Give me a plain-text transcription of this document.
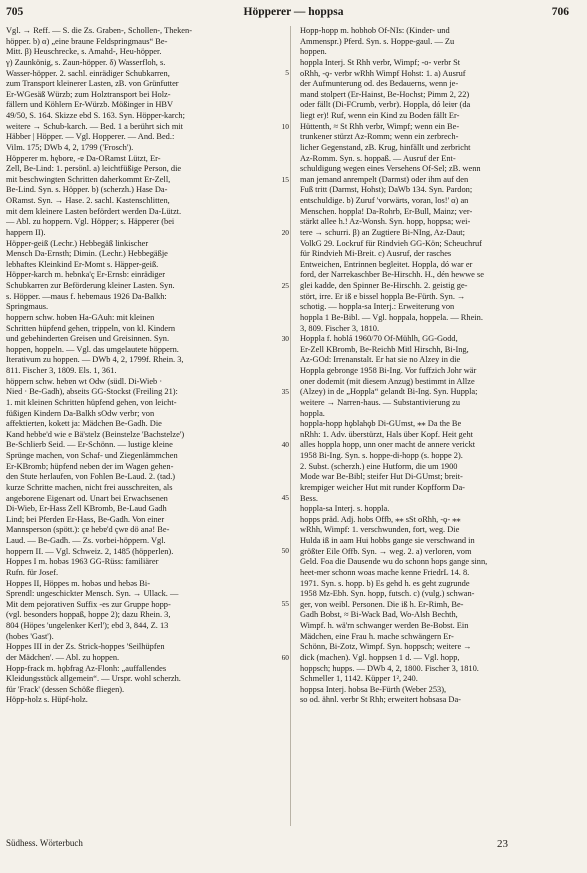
705	Höpperer — hoppsa	706
Vgl. → Reff. — S. die Zs. Graben-, Schollen-, Theken-
höpper. b) α) „eine braune Feldspringmaus“ Be-
Mitt. β) Heuschrecke, s. Amahd-, Heu-höpper.
γ) Zaunkönig, s. Zaun-höpper. δ) Wasserfloh, s.
Wasser-höpper. 2. sachl. einrädiger Schubkarren,
zum Transport kleinerer Lasten, zB. von Grünfutter
Er-WGesäß Würzb; zum Holztransport bei Holz-
fällern und Köhlern Er-Würzb. Mößinger in HBV
49/50, S. 164. Skizze ebd S. 163. Syn. Höpper-karch;
weitere → Schub-karch. — Bed. 1 a berührt sich mit
Häbber | Höpper. — Vgl. Hopperer. — And. Bed.:
Vilm. 175; DWb 4, 2, 1799 ('Frosch').
Höpperer m. hęborɐ, -ɐ Da-ORamst Lützt, Er-
Zell, Be-Lind: 1. persönl. a) leichtfüßige Person, die
mit beschwingten Schritten daherkommt Er-Zell,
Be-Lind. Syn. s. Höpper. b) (scherzh.) Hase Da-
ORamst. Syn. → Hase. 2. sachl. Kastenschlitten,
mit dem kleinere Lasten befördert werden Da-Lützt.
— Abl. zu hoppern. Vgl. Höpper; s. Häpperer (bei
happern II).
Höpper-geiß (Lechr.) Hebbegäß linkischer
Mensch Da-Ernsth; Dimin. (Lechr.) Hebbegäßje
lebhaftes Kleinkind Er-Momt s. Häpper-geiß.
Höpper-karch m. hebnka'ç Er-Ernsb: einrädiger
Schubkarren zur Beförderung kleiner Lasten. Syn.
s. Höpper. —maus f. hebɐmaus 1926 Da-Balkh:
Springmaus.
hoppern schw. hobɐn Ha-GAuh: mit kleinen
Schritten hüpfend gehen, trippeln, von kl. Kindern
und gebehinderten Greisen und Greisinnen. Syn.
hoppen, hoppeln. — Vgl. das umgelautete höppern.
Iterativum zu hoppen. — DWb 4, 2, 1799f. Rhein. 3,
811. Fischer 3, 1809. Els. 1, 361.
höppern schw. hebɐn wt Odw (südl. Di-Wieb ·
Nied · Be-Gadh), abseits GG-Stockst (Freiling 21):
1. mit kleinen Schritten hüpfend gehen, von leicht-
füßigen Kindern Da-Balkh sOdw verbr; von
affektierten, kokett ja: Mädchen Be-Gadh. Die
Kand hebbe'd wie e Bä'stelz (Beinstelze 'Bachstelze')
Be-Schlierb Seid. — Er-Schönn. — lustige kleine
Sprünge machen, von Schaf- und Ziegenlämmchen
Er-KBromb; hüpfend neben der im Wagen gehen-
den Stute herlaufen, von Fohlen Be-Laud. 2. (tad.)
kurze Schritte machen, nicht frei ausschreiten, als
angeborene Eigenart od. Unart bei Erwachsenen
Di-Wieb, Er-Hass Zell KBromb, Be-Laud Gadh
Lind; bei Pferden Er-Hass, Be-Gadh. Von einer
Mannsperson (spött.): çɐ hebɐ'd çwɐ dö anə! Be-
Laud. — Be-Gadh. — Zs. vorbei-höppern. Vgl.
hoppern II. — Vgl. Schweiz. 2, 1485 (höpperlen).
Hoppes I m. hobəs 1963 GG-Rüss: familiärer
Rufn. für Josef.
Hoppes II, Höppes m. hobəs und hebəs Bi-
Sprendl: ungeschickter Mensch. Syn. → Ullack. —
Mit dem pejorativen Suffix -es zur Gruppe hopp-
(vgl. besonders hoppaß, hoppe 2); dazu Rhein. 3,
804 (Höpes 'ungelenker Kerl'); ebd 3, 844, Z. 13
(hobes 'Gast').
Hoppes III in der Zs. Strick-hoppes 'Seilhüpfen
der Mädchen'. — Abl. zu hoppen.
Hopp-frack m. hǫbfrag Az-Flonh: „auffallendes
Kleidungsstück allgemein“. — Urspr. wohl scherzh.
für 'Frack' (dessen Schöße fliegen).
Höpp-holz s. Hüpf-holz.
5
10
15
20
25
30
35
40
45
50
55
60
Hopp-hopp m. hobhob Of-NIs: (Kinder- und
Ammenspr.) Pferd. Syn. s. Hoppe-gaul. — Zu
hoppen.
hoppla Interj. St Rhh verbr, Wimpf; -o- verbr St
oRhh, -ǫ- verbr wRhh Wimpf Hohst: 1. a) Ausruf
der Aufmunterung od. des Bedauerns, wenn je-
mand stolpert (Er-Hainst, Be-Hochst; Pimm 2, 22)
oder fällt (Di-FCrumb, verbr). Hoppla, dó leiɐr (da
liegt er)! Ruf, wenn ein Kind zu Boden fällt Er-
Hüttenth, ≈ St Rhh verbr, Wimpf; wenn ein Be-
trunkener stürzt Az-Romm; wenn ein zerbrech-
licher Gegenstand, zB. Krug, hinfällt und zerbricht
Az-Romm. Syn. s. hoppaß. — Ausruf der Ent-
schuldigung wegen eines Versehens Of-Sel; zB. wenn
man jemand anrempelt (Darmst) oder ihm auf den
Fuß tritt (Darmst, Hohst); DaWb 134. Syn. Pardon;
entschuldige. b) Zuruf 'vorwärts, voran, los!' α) an
Menschen. hoppla! Da-Rohrb, Er-Bull, Mainz; ver-
stärkt allee h.! Az-Wonsh. Syn. hopp, hoppsa; wei-
tere → schurri. β) an Zugtiere Bi-NIng, Az-Daut;
VolkG 29. Lockruf für Rindvieh GG-Kön; Scheuchruf
für Rindvieh Mi-Breit. c) Ausruf, der rasches
Entweichen, Entrinnen begleitet. Hoppla, dó war er
ford, der Narrekaschber Be-Hirschh. H., dén hewwe se
glei kadde, den Spinner Be-Hirschh. 2. geistig ge-
stört, irre. Er iß e bissel hoppla Be-Fürth. Syn. →
schotig. — hoppla-sa Interj.: Erweiterung von
hoppla 1 Be-Bibl. — Vgl. hoppala, hoppela. — Rhein.
3, 809. Fischer 3, 1810.
Hoppla f. hoblá 1960/70 Of-Mühlh, GG-Godd,
Er-Zell KBromb, Be-Reichb Mitl Hirschh, Bi-Ing,
Az-GOd: Irrenanstalt. Er hat sie no Alzey in die
Hoppla gebronge 1958 Bi-Ing. Vor fuffzich Johr wär
oner dodemit (mit diesem Anzug) bestimmt in Allze
(Alzey) in de „Hoppla“ gelandt Bi-Ing. Syn. Huppla;
weitere → Narren-haus. — Substantivierung zu
hoppla.
hoppla-hopp hǫblahǫb Di-GUmst, ⁎⁎ Da the Be
nRhh: 1. Adv. überstürzt, Hals über Kopf. Heit geht
alles hoppla hopp, unn oner macht de annere verickt
1958 Bi-Ing. Syn. s. hoppe-di-hopp (s. hoppe 2).
2. Subst. (scherzh.) eine Hutform, die um 1900
Mode war Be-Bibl; steifer Hut Di-GUmst; breit-
krempiger weicher Hut mit runder Kopfform Da-
Bess.
hoppla-sa Interj. s. hoppla.
hopps präd. Adj. hobs Offb, ⁎⁎ sSt oRhh, -ǫ- ⁎⁎
wRhh, Wimpf: 1. verschwunden, fort, weg. Die
Hulda iß in aam Hui hobbs gange sie verschwand in
größter Eile Offb. Syn. → weg. 2. a) verloren, vom
Geld. Foa die Dausende wu do schonn hops gange sinn,
heet-mer schonn woas mache kenne FriedrL 14. 8.
1971. Syn. s. hopp. b) Es gehd h. es geht zugrunde
1958 Mz-Ebh. Syn. hopp, futsch. c) (vulg.) schwan-
ger, von weibl. Personen. Die iß h. Er-Rimh, Be-
Gadh Bobst, ≈ Bi-Wack Bad, Wo-Alsh Bechth,
Wimpf. h. wä'rn schwanger werden Be-Bobst. Ein
Mädchen, eine Frau h. mache schwängern Er-
Schönn, Bi-Zotz, Wimpf. Syn. hoppsch; weitere →
dick (machen). Vgl. hoppsen 1 d. — Vgl. hopp,
hoppsch; hupps. — DWb 4, 2, 1800. Fischer 3, 1810.
Schmeller 1, 1142. Küpper 1², 240.
hoppsa Interj. hobsa Be-Fürth (Weber 253),
so od. ähnl. verbr St Rhh; erweitert hobsasa Da-
Südhess. Wörterbuch	23
